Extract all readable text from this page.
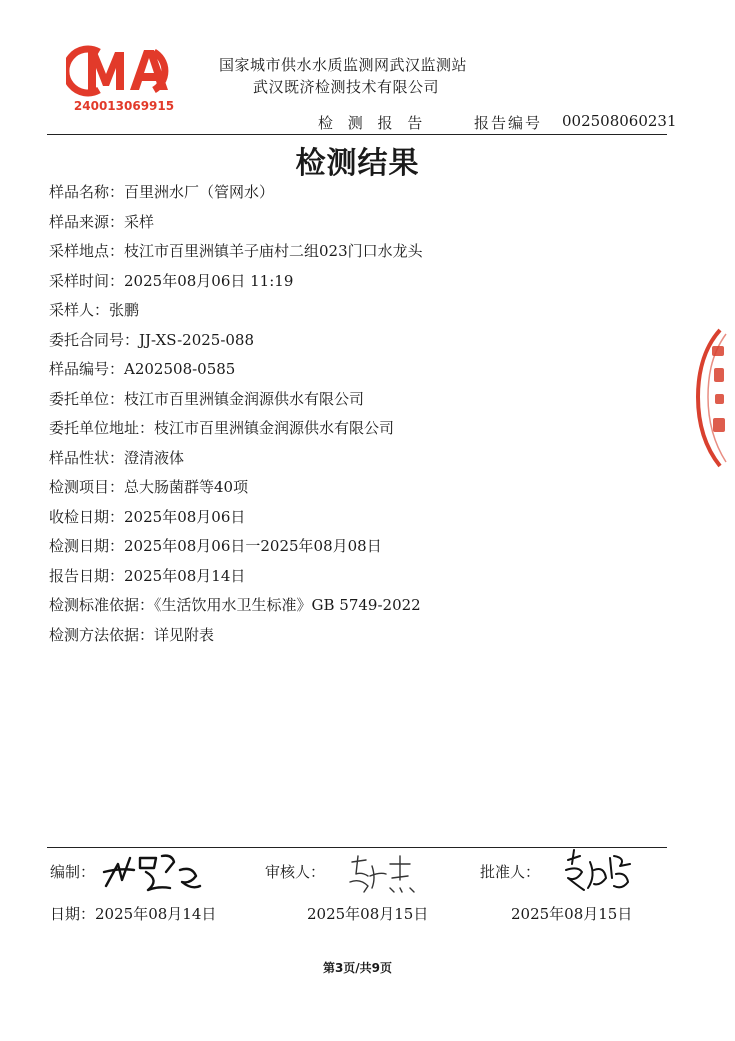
240013069915
国家城市供水水质监测网武汉监测站
武汉既济检测技术有限公司
检 测 报 告	报告编号 002508060231
检测结果
样品名称：百里洲水厂（管网水）
样品来源：采样
采样地点：枝江市百里洲镇羊子庙村二组023门口水龙头
采样时间：2025年08月06日 11:19
采样人：张鹏
委托合同号：JJ-XS-2025-088
样品编号：A202508-0585
委托单位：枝江市百里洲镇金润源供水有限公司
委托单位地址：枝江市百里洲镇金润源供水有限公司
样品性状：澄清液体
检测项目：总大肠菌群等40项
收检日期：2025年08月06日
检测日期：2025年08月06日一2025年08月08日
报告日期：2025年08月14日
检测标准依据：《生活饮用水卫生标准》GB 5749-2022
检测方法依据：详见附表
编制：	审核人：	批准人：
日期：2025年08月14日	2025年08月15日	2025年08月15日
第3页/共9页
